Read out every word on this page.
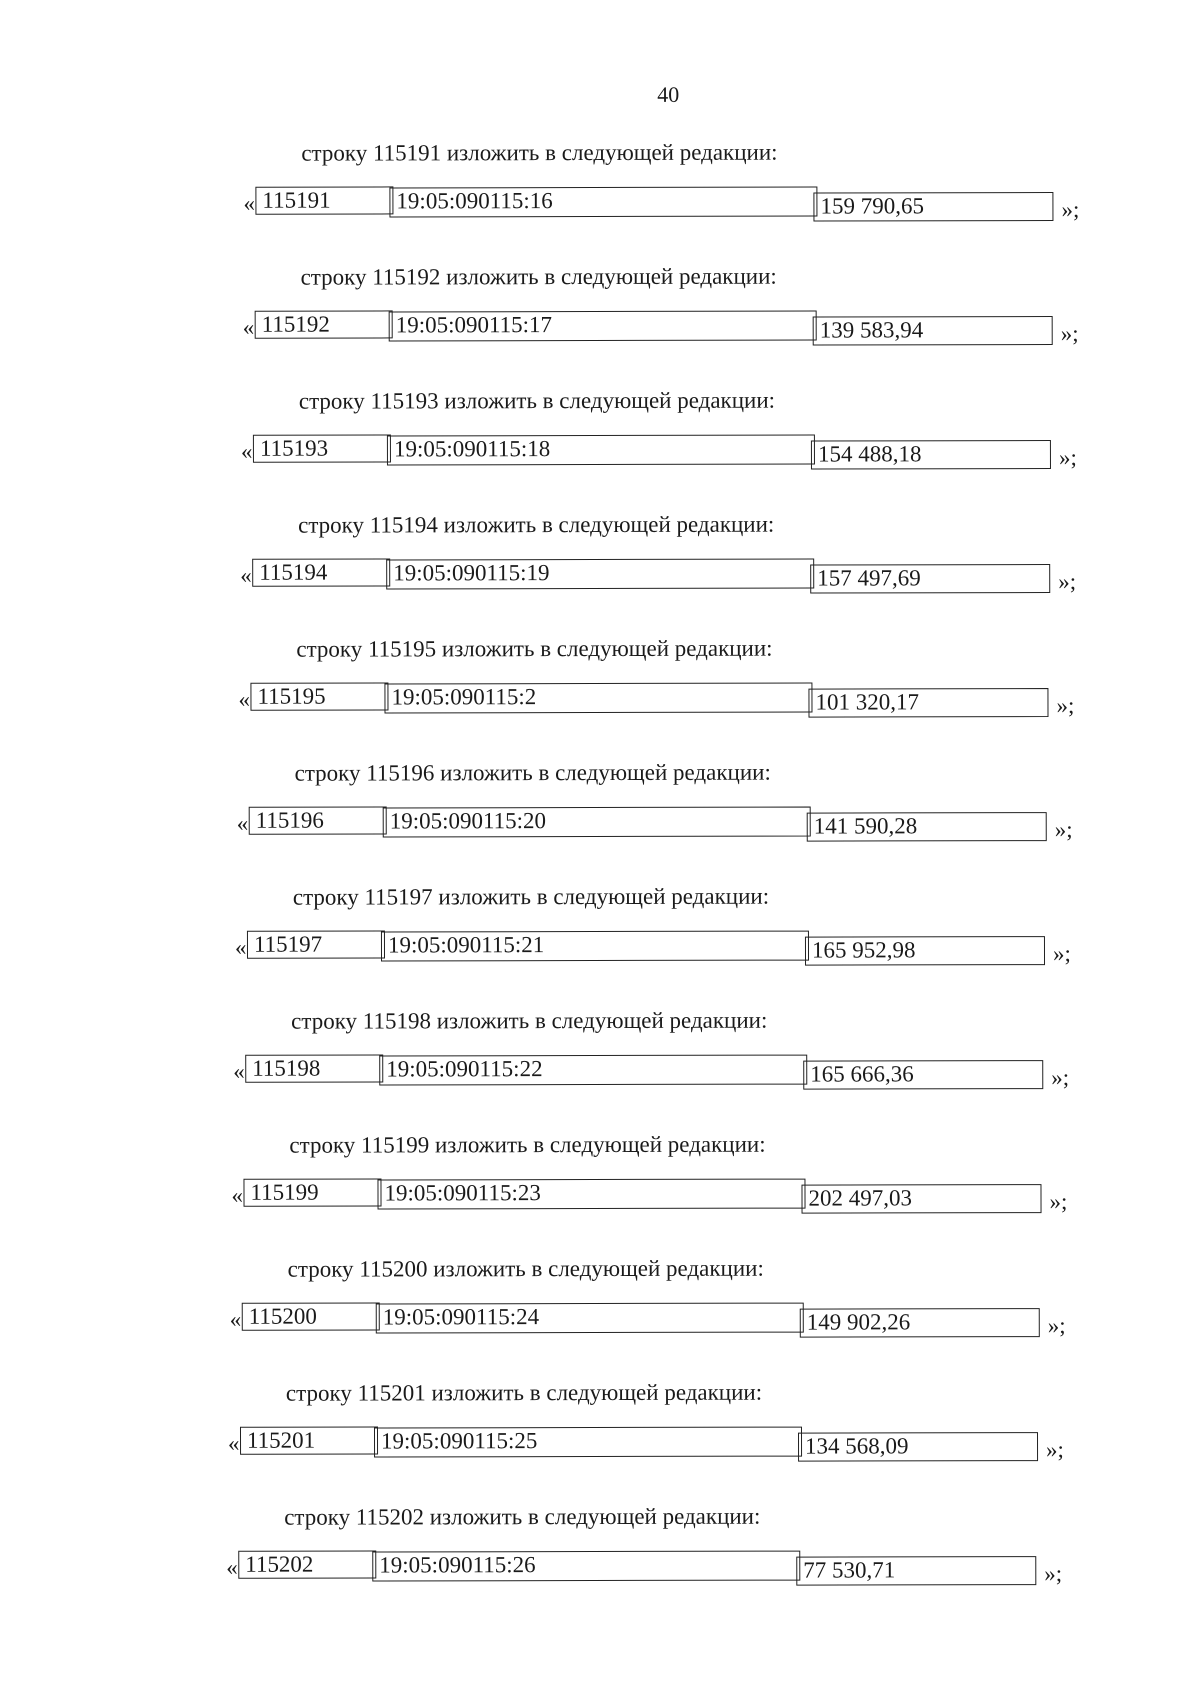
40
строку 115191 изложить в следующей редакции:
« 115191	19:05:090115:16	159 790,65	»;
строку 115192 изложить в следующей редакции:
« 115192	19:05:090115:17	139 583,94	»;
строку 115193 изложить в следующей редакции:
« 115193	19:05:090115:18	154 488,18	»;
строку 115194 изложить в следующей редакции:
« 115194	19:05:090115:19	157 497,69	»;
строку 115195 изложить в следующей редакции:
« 115195	19:05:090115:2	101 320,17	»;
строку 115196 изложить в следующей редакции:
« 115196	19:05:090115:20	141 590,28	»;
строку 115197 изложить в следующей редакции:
« 115197	19:05:090115:21	165 952,98	»;
строку 115198 изложить в следующей редакции:
« 115198	19:05:090115:22	165 666,36	»;
строку 115199 изложить в следующей редакции:
« 115199	19:05:090115:23	202 497,03	»;
строку 115200 изложить в следующей редакции:
« 115200	19:05:090115:24	149 902,26	»;
строку 115201 изложить в следующей редакции:
« 115201	19:05:090115:25	134 568,09	»;
строку 115202 изложить в следующей редакции:
« 115202	19:05:090115:26	77 530,71	»;
